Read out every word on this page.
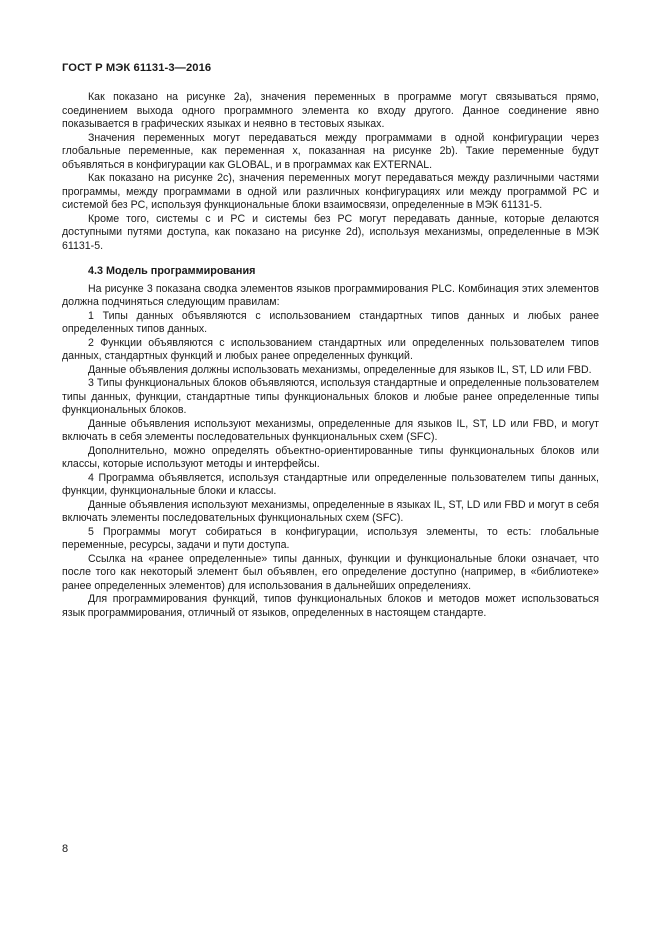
ГОСТ Р МЭК 61131-3—2016

Как показано на рисунке 2а), значения переменных в программе могут связываться прямо, соединением выхода одного программного элемента ко входу другого. Данное соединение явно показывается в графических языках и неявно в тестовых языках.

Значения переменных могут передаваться между программами в одной конфигурации через глобальные переменные, как переменная x, показанная на рисунке 2b). Такие переменные будут объявляться в конфигурации как GLOBAL, и в программах как EXTERNAL.

Как показано на рисунке 2c), значения переменных могут передаваться между различными частями программы, между программами в одной или различных конфигурациях или между программой PC и системой без PC, используя функциональные блоки взаимосвязи, определенные в МЭК 61131-5.

Кроме того, системы с и PC и системы без PC могут передавать данные, которые делаются доступными путями доступа, как показано на рисунке 2d), используя механизмы, определенные в МЭК 61131-5.

4.3 Модель программирования

На рисунке 3 показана сводка элементов языков программирования PLC. Комбинация этих элементов должна подчиняться следующим правилам:

1 Типы данных объявляются с использованием стандартных типов данных и любых ранее определенных типов данных.

2 Функции объявляются с использованием стандартных или определенных пользователем типов данных, стандартных функций и любых ранее определенных функций.

Данные объявления должны использовать механизмы, определенные для языков IL, ST, LD или FBD.

3 Типы функциональных блоков объявляются, используя стандартные и определенные пользователем типы данных, функции, стандартные типы функциональных блоков и любые ранее определенные типы функциональных блоков.

Данные объявления используют механизмы, определенные для языков IL, ST, LD или FBD, и могут включать в себя элементы последовательных функциональных схем (SFC).

Дополнительно, можно определять объектно-ориентированные типы функциональных блоков или классы, которые используют методы и интерфейсы.

4 Программа объявляется, используя стандартные или определенные пользователем типы данных, функции, функциональные блоки и классы.

Данные объявления используют механизмы, определенные в языках IL, ST, LD или FBD и могут в себя включать элементы последовательных функциональных схем (SFC).

5 Программы могут собираться в конфигурации, используя элементы, то есть: глобальные переменные, ресурсы, задачи и пути доступа.

Ссылка на «ранее определенные» типы данных, функции и функциональные блоки означает, что после того как некоторый элемент был объявлен, его определение доступно (например, в «библиотеке» ранее определенных элементов) для использования в дальнейших определениях.

Для программирования функций, типов функциональных блоков и методов может использоваться язык программирования, отличный от языков, определенных в настоящем стандарте.

8
